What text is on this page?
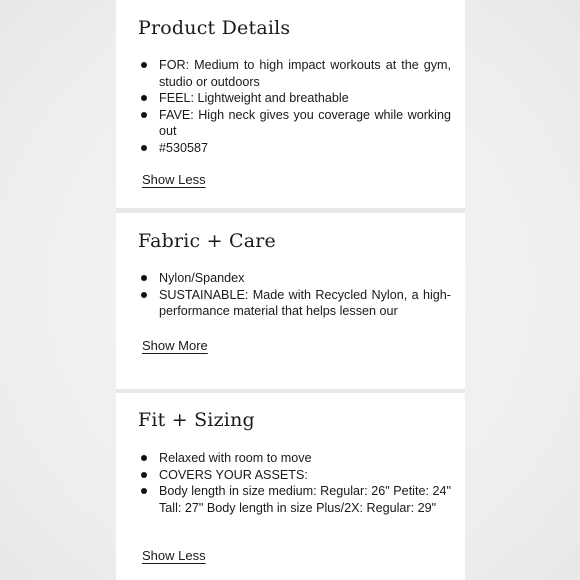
Product Details
FOR: Medium to high impact workouts at the gym, studio or outdoors
FEEL: Lightweight and breathable
FAVE: High neck gives you coverage while working out
#530587
Show Less
Fabric + Care
Nylon/Spandex
SUSTAINABLE: Made with Recycled Nylon, a high-performance material that helps lessen our
Show More
Fit + Sizing
Relaxed with room to move
COVERS YOUR ASSETS:
Body length in size medium: Regular: 26" Petite: 24" Tall: 27" Body length in size Plus/2X: Regular: 29"
Show Less
